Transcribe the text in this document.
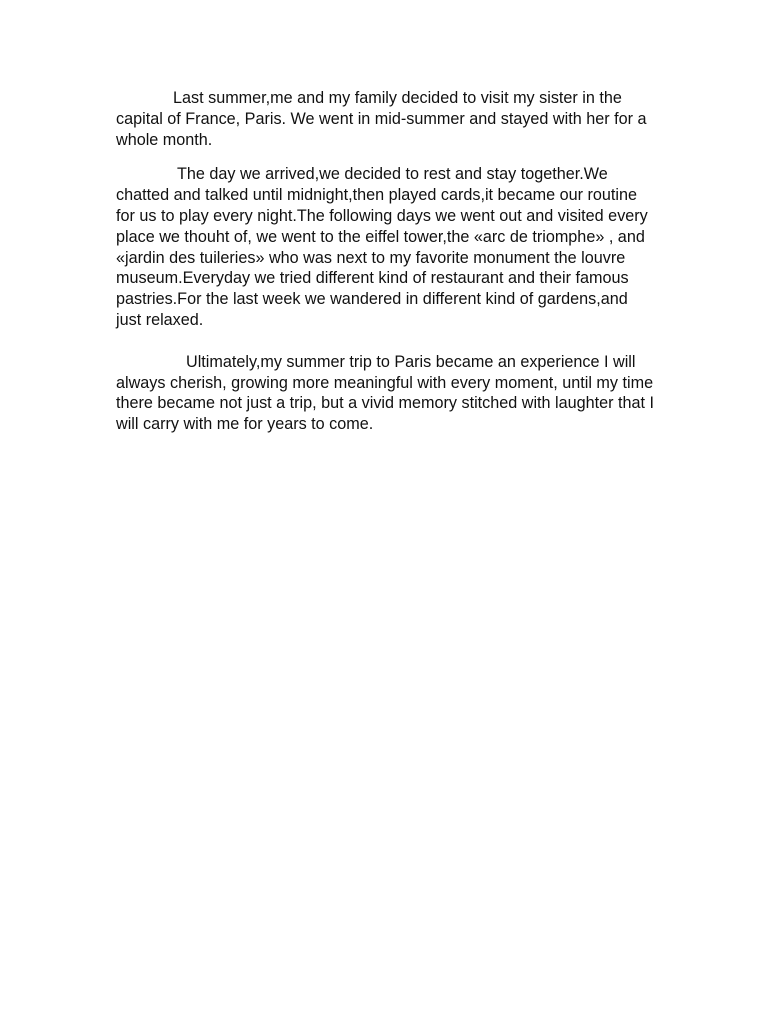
Last summer,me and my family decided to visit my sister in the capital of France, Paris. We went in mid-summer and stayed with her for a whole month.

The day we arrived,we decided to rest and stay together.We chatted and talked until midnight,then played cards,it became our routine for us to play every night.The following days we went out and visited every place we thouht of, we went to the eiffel tower,the «arc de triomphe» , and «jardin des tuileries» who was next to my favorite monument the louvre museum.Everyday we tried different kind of restaurant and their famous pastries.For the last week we wandered in different kind of gardens,and just relaxed.

Ultimately,my summer trip to Paris became an experience I will always cherish, growing more meaningful with every moment, until my time there became not just a trip, but a vivid memory stitched with laughter that I will carry with me for years to come.
